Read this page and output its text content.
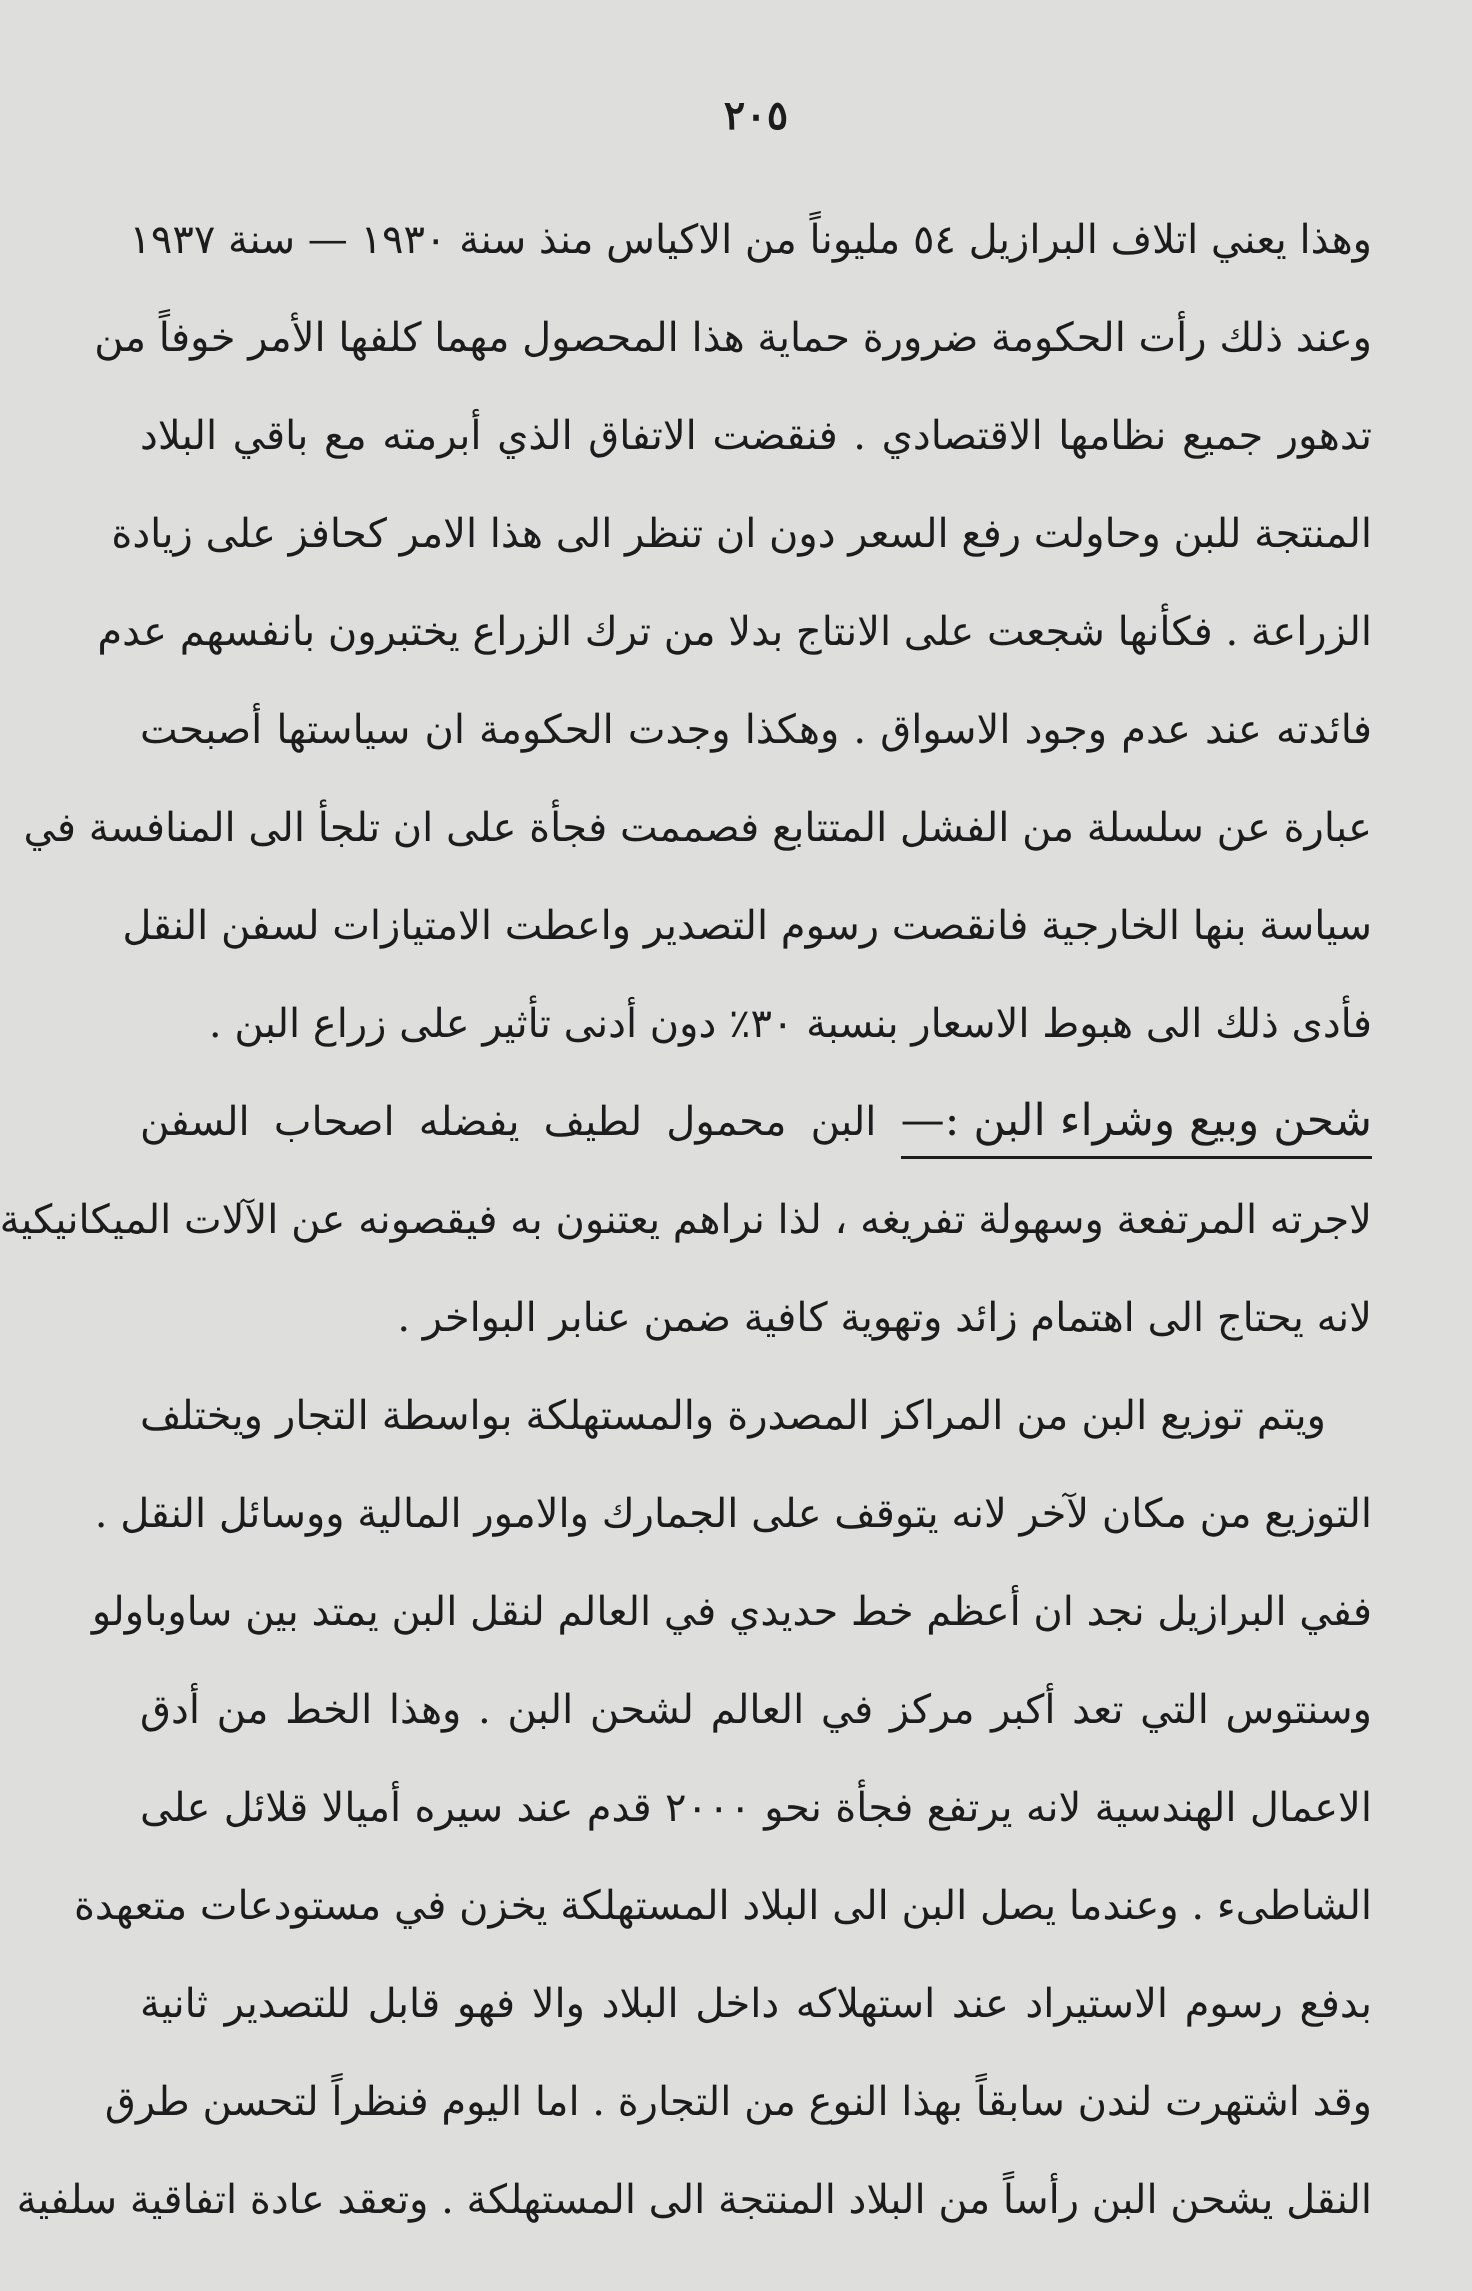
٢٠٥
وهذا يعني اتلاف البرازيل ٥٤ مليوناً من الاكياس منذ سنة ١٩٣٠ — سنة ١٩٣٧
وعند ذلك رأت الحكومة ضرورة حماية هذا المحصول مهما كلفها الأمر خوفاً من
تدهور جميع نظامها الاقتصادي . فنقضت الاتفاق الذي أبرمته مع باقي البلاد
المنتجة للبن وحاولت رفع السعر دون ان تنظر الى هذا الامر كحافز على زيادة
الزراعة . فكأنها شجعت على الانتاج بدلا من ترك الزراع يختبرون بانفسهم عدم
فائدته عند عدم وجود الاسواق . وهكذا وجدت الحكومة ان سياستها أصبحت
عبارة عن سلسلة من الفشل المتتابع فصممت فجأة على ان تلجأ الى المنافسة في
سياسة بنها الخارجية فانقصت رسوم التصدير واعطت الامتيازات لسفن النقل
فأدى ذلك الى هبوط الاسعار بنسبة ٣٠٪ دون أدنى تأثير على زراع البن .
شحن وبيع وشراء البن :— البن محمول لطيف يفضله اصحاب السفن
لاجرته المرتفعة وسهولة تفريغه ، لذا نراهم يعتنون به فيقصونه عن الآلات الميكانيكية
لانه يحتاج الى اهتمام زائد وتهوية كافية ضمن عنابر البواخر .
ويتم توزيع البن من المراكز المصدرة والمستهلكة بواسطة التجار ويختلف
التوزيع من مكان لآخر لانه يتوقف على الجمارك والامور المالية ووسائل النقل .
ففي البرازيل نجد ان أعظم خط حديدي في العالم لنقل البن يمتد بين ساوباولو
وسنتوس التي تعد أكبر مركز في العالم لشحن البن . وهذا الخط من أدق
الاعمال الهندسية لانه يرتفع فجأة نحو ٢٠٠٠ قدم عند سيره أميالا قلائل على
الشاطىء . وعندما يصل البن الى البلاد المستهلكة يخزن في مستودعات متعهدة
بدفع رسوم الاستيراد عند استهلاكه داخل البلاد والا فهو قابل للتصدير ثانية
وقد اشتهرت لندن سابقاً بهذا النوع من التجارة . اما اليوم فنظراً لتحسن طرق
النقل يشحن البن رأساً من البلاد المنتجة الى المستهلكة . وتعقد عادة اتفاقية سلفية
